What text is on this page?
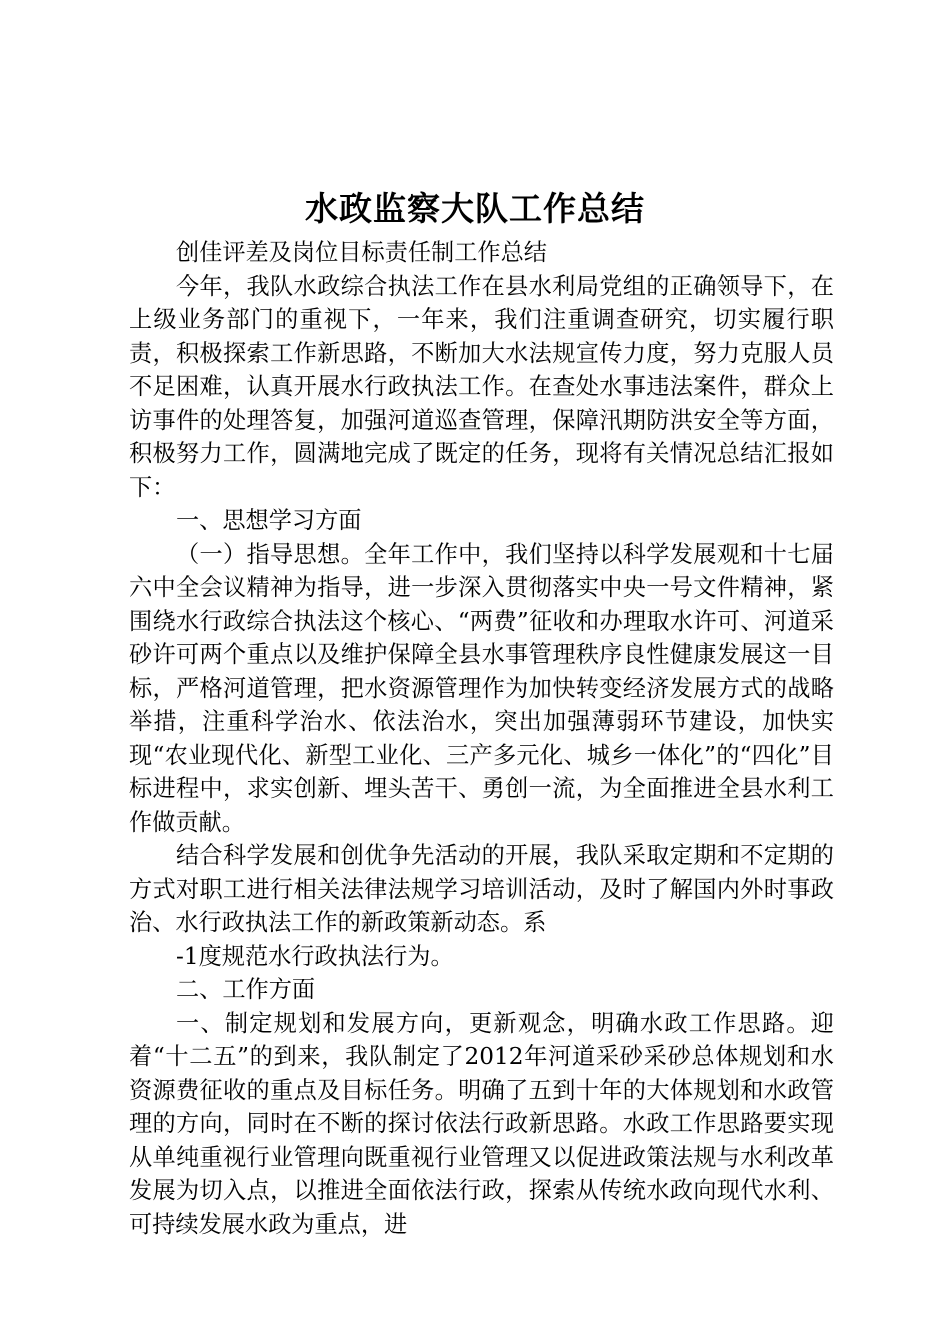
水政监察大队工作总结

创佳评差及岗位目标责任制工作总结

今年，我队水政综合执法工作在县水利局党组的正确领导下，在上级业务部门的重视下，一年来，我们注重调查研究，切实履行职责，积极探索工作新思路，不断加大水法规宣传力度，努力克服人员不足困难，认真开展水行政执法工作。在查处水事违法案件，群众上访事件的处理答复，加强河道巡查管理，保障汛期防洪安全等方面，积极努力工作，圆满地完成了既定的任务，现将有关情况总结汇报如下：

一、思想学习方面

（一）指导思想。全年工作中，我们坚持以科学发展观和十七届六中全会议精神为指导，进一步深入贯彻落实中央一号文件精神，紧围绕水行政综合执法这个核心、“两费”征收和办理取水许可、河道采砂许可两个重点以及维护保障全县水事管理秩序良性健康发展这一目标，严格河道管理，把水资源管理作为加快转变经济发展方式的战略举措，注重科学治水、依法治水，突出加强薄弱环节建设，加快实现“农业现代化、新型工业化、三产多元化、城乡一体化”的“四化”目标进程中，求实创新、埋头苦干、勇创一流，为全面推进全县水利工作做贡献。

结合科学发展和创优争先活动的开展，我队采取定期和不定期的方式对职工进行相关法律法规学习培训活动，及时了解国内外时事政治、水行政执法工作的新政策新动态。系

-1度规范水行政执法行为。

二、工作方面

一、制定规划和发展方向，更新观念，明确水政工作思路。迎着“十二五”的到来，我队制定了2012年河道采砂采砂总体规划和水资源费征收的重点及目标任务。明确了五到十年的大体规划和水政管理的方向，同时在不断的探讨依法行政新思路。水政工作思路要实现从单纯重视行业管理向既重视行业管理又以促进政策法规与水利改革发展为切入点，以推进全面依法行政，探索从传统水政向现代水利、可持续发展水政为重点，进
